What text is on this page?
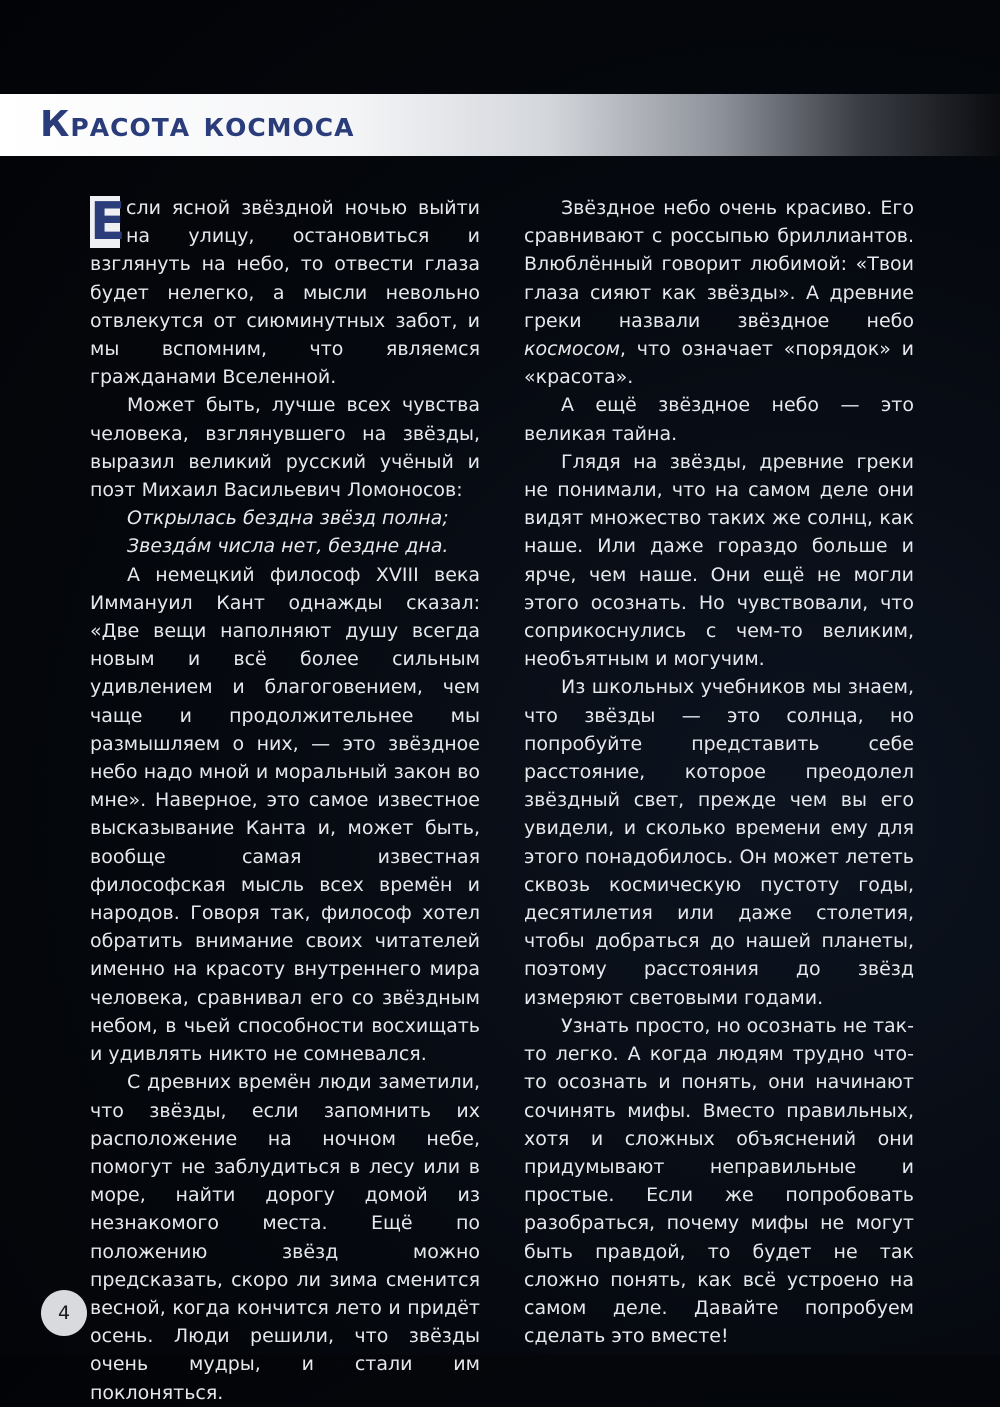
Красота космоса

Е сли ясной звёздной ночью выйти на улицу, остановиться и взглянуть на небо, то отвести глаза будет нелегко, а мысли невольно отвлекутся от сиюминутных забот, и мы вспомним, что являемся гражданами Вселенной.

Может быть, лучше всех чувства человека, взглянувшего на звёзды, выразил великий русский учёный и поэт Михаил Васильевич Ломоносов:

Открылась бездна звёзд полна;

Звезда́м числа нет, бездне дна.

А немецкий философ XVIII века Иммануил Кант однажды сказал: «Две вещи наполняют душу всегда новым и всё более сильным удивлением и благоговением, чем чаще и продолжительнее мы размышляем о них, — это звёздное небо надо мной и моральный закон во мне». Наверное, это самое известное высказывание Канта и, может быть, вообще самая известная философская мысль всех времён и народов. Говоря так, философ хотел обратить внимание своих читателей именно на красоту внутреннего мира человека, сравнивал его со звёздным небом, в чьей способности восхищать и удивлять никто не сомневался.

С древних времён люди заметили, что звёзды, если запомнить их расположение на ночном небе, помогут не заблудиться в лесу или в море, найти дорогу домой из незнакомого места. Ещё по положению звёзд можно предсказать, скоро ли зима сменится весной, когда кончится лето и придёт осень. Люди решили, что звёзды очень мудры, и стали им поклоняться.

Звёздное небо очень красиво. Его сравнивают с россыпью бриллиантов. Влюблённый говорит любимой: «Твои глаза сияют как звёзды». А древние греки назвали звёздное небо космосом, что означает «порядок» и «красота».

А ещё звёздное небо — это великая тайна.

Глядя на звёзды, древние греки не понимали, что на самом деле они видят множество таких же солнц, как наше. Или даже гораздо больше и ярче, чем наше. Они ещё не могли этого осознать. Но чувствовали, что соприкоснулись с чем-то великим, необъятным и могучим.

Из школьных учебников мы знаем, что звёзды — это солнца, но попробуйте представить себе расстояние, которое преодолел звёздный свет, прежде чем вы его увидели, и сколько времени ему для этого понадобилось. Он может лететь сквозь космическую пустоту годы, десятилетия или даже столетия, чтобы добраться до нашей планеты, поэтому расстояния до звёзд измеряют световыми годами.

Узнать просто, но осознать не так-то легко. А когда людям трудно что-то осознать и понять, они начинают сочинять мифы. Вместо правильных, хотя и сложных объяснений они придумывают неправильные и простые. Если же попробовать разобраться, почему мифы не могут быть правдой, то будет не так сложно понять, как всё устроено на самом деле. Давайте попробуем сделать это вместе!

4
